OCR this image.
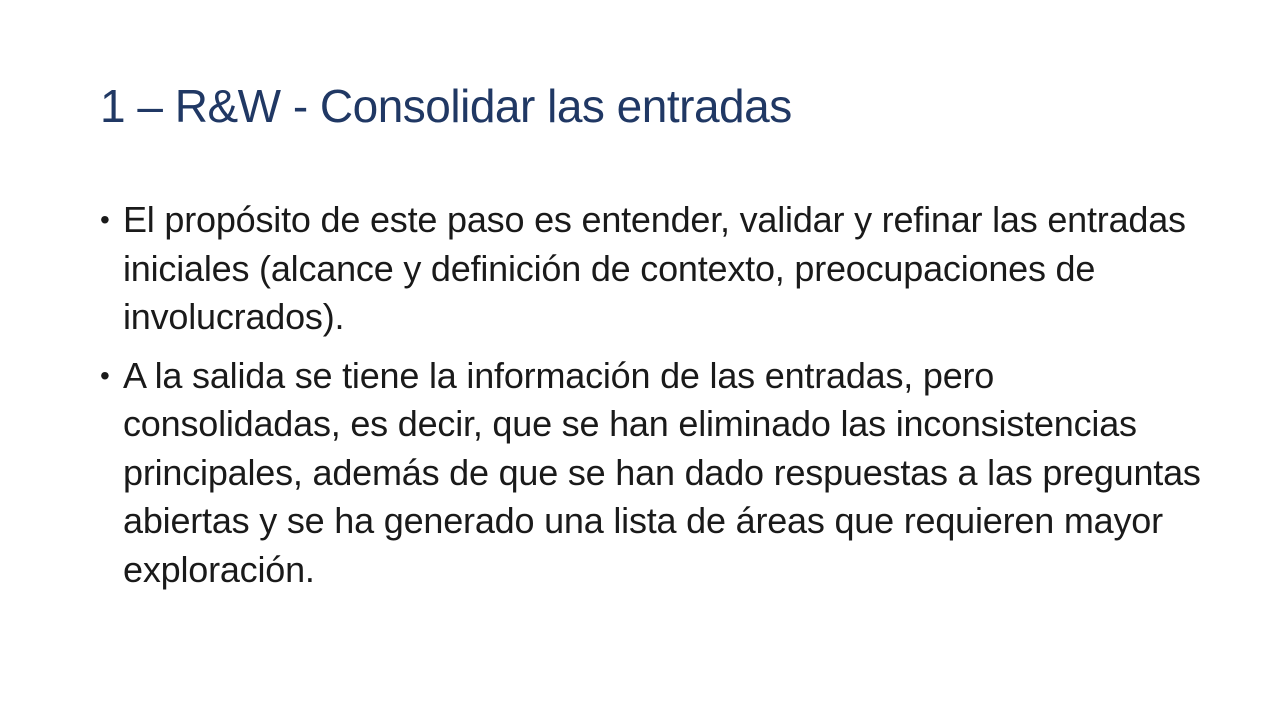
1 – R&W - Consolidar las entradas
• El propósito de este paso es entender, validar y refinar las entradas iniciales (alcance y definición de contexto, preocupaciones de involucrados).
• A la salida se tiene la información de las entradas, pero consolidadas, es decir, que se han eliminado las inconsistencias principales, además de que se han dado respuestas a las preguntas abiertas y se ha generado una lista de áreas que requieren mayor exploración.
